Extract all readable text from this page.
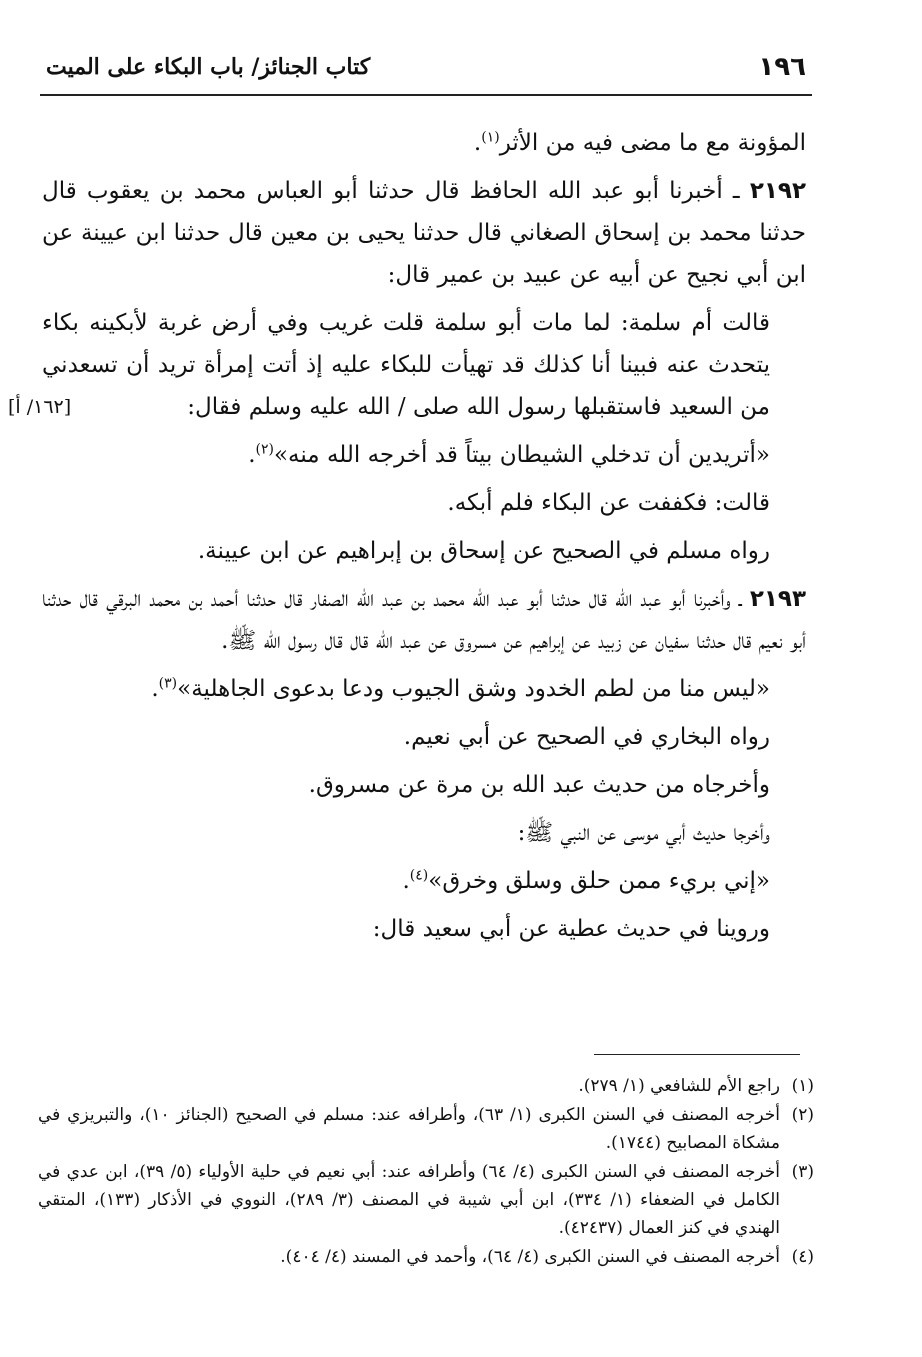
١٩٦
كتاب الجنائز/ باب البكاء على الميت

المؤونة مع ما مضى فيه من الأثر$^{(١)}$.

٢١٩٢ ـ أخبرنا أبو عبد الله الحافظ قال حدثنا أبو العباس محمد بن يعقوب قال حدثنا محمد بن إسحاق الصغاني قال حدثنا يحيى بن معين قال حدثنا ابن عيينة عن ابن أبي نجيح عن أبيه عن عبيد بن عمير قال:

قالت أم سلمة: لما مات أبو سلمة قلت غريب وفي أرض غربة لأبكينه بكاء يتحدث عنه فبينا أنا كذلك قد تهيأت للبكاء عليه إذ أتت إمرأة تريد أن تسعدني من السعيد فاستقبلها رسول الله صلى / الله عليه وسلم فقال:
[١٦٢/ أ]

«أتريدين أن تدخلي الشيطان بيتاً قد أخرجه الله منه»$^{(٢)}$.

قالت: فكففت عن البكاء فلم أبكه.

رواه مسلم في الصحيح عن إسحاق بن إبراهيم عن ابن عيينة.

٢١٩٣ ـ وأخبرنا أبو عبد الله قال حدثنا أبو عبد الله محمد بن عبد الله الصفار قال حدثنا أحمد بن محمد البرقي قال حدثنا أبو نعيم قال حدثنا سفيان عن زبيد عن إبراهيم عن مسروق عن عبد الله قال قال رسول الله ﷺ.

«ليس منا من لطم الخدود وشق الجيوب ودعا بدعوى الجاهلية»$^{(٣)}$.

رواه البخاري في الصحيح عن أبي نعيم.

وأخرجاه من حديث عبد الله بن مرة عن مسروق.

وأخرجا حديث أبي موسى عن النبي ﷺ:

«إني بريء ممن حلق وسلق وخرق»$^{(٤)}$.

وروينا في حديث عطية عن أبي سعيد قال:

(١)
راجع الأم للشافعي (١/ ٢٧٩).
(٢)
أخرجه المصنف في السنن الكبرى (١/ ٦٣)، وأطرافه عند: مسلم في الصحيح (الجنائز ١٠)، والتبريزي في مشكاة المصابيح (١٧٤٤).
(٣)
أخرجه المصنف في السنن الكبرى (٤/ ٦٤) وأطرافه عند: أبي نعيم في حلية الأولياء (٥/ ٣٩)، ابن عدي في الكامل في الضعفاء (١/ ٣٣٤)، ابن أبي شيبة في المصنف (٣/ ٢٨٩)، النووي في الأذكار (١٣٣)، المتقي الهندي في كنز العمال (٤٢٤٣٧).
(٤)
أخرجه المصنف في السنن الكبرى (٤/ ٦٤)، وأحمد في المسند (٤/ ٤٠٤).
